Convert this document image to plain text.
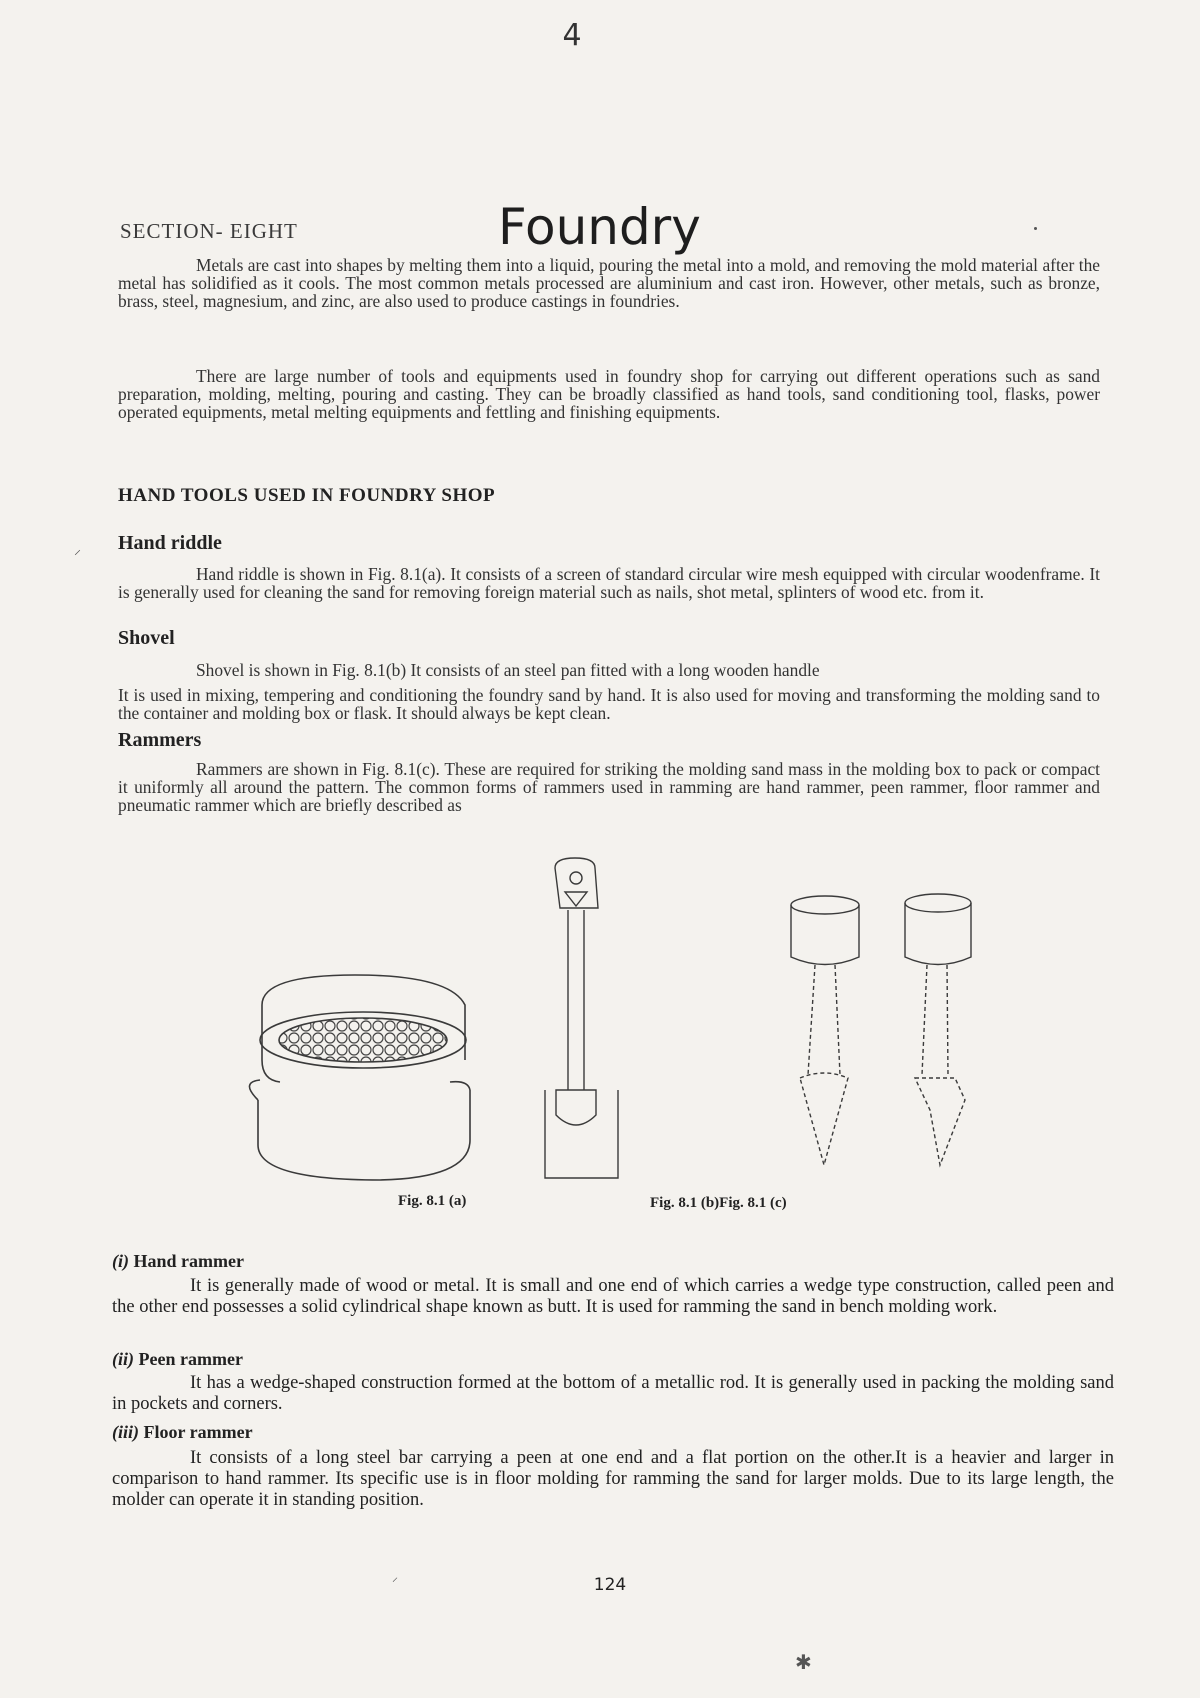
4
SECTION- EIGHT	Foundry

Metals are cast into shapes by melting them into a liquid, pouring the metal into a mold, and removing the mold material after the metal has solidified as it cools. The most common metals processed are aluminium and cast iron. However, other metals, such as bronze, brass, steel, magnesium, and zinc, are also used to produce castings in foundries.

There are large number of tools and equipments used in foundry shop for carrying out different operations such as sand preparation, molding, melting, pouring and casting. They can be broadly classified as hand tools, sand conditioning tool, flasks, power operated equipments, metal melting equipments and fettling and finishing equipments.

HAND TOOLS USED IN FOUNDRY SHOP
⸝ Hand riddle

Hand riddle is shown in Fig. 8.1(a). It consists of a screen of standard circular wire mesh equipped with circular woodenframe. It is generally used for cleaning the sand for removing foreign material such as nails, shot metal, splinters of wood etc. from it.

Shovel

Shovel is shown in Fig. 8.1(b) It consists of an steel pan fitted with a long wooden handle

It is used in mixing, tempering and conditioning the foundry sand by hand. It is also used for moving and transforming the molding sand to the container and molding box or flask. It should always be kept clean.

Rammers

Rammers are shown in Fig. 8.1(c). These are required for striking the molding sand mass in the molding box to pack or compact it uniformly all around the pattern. The common forms of rammers used in ramming are hand rammer, peen rammer, floor rammer and pneumatic rammer which are briefly described as

Fig. 8.1 (a)	Fig. 8.1 (b)Fig. 8.1 (c)
(i) Hand rammer

It is generally made of wood or metal. It is small and one end of which carries a wedge type construction, called peen and the other end possesses a solid cylindrical shape known as butt. It is used for ramming the sand in bench molding work.

(ii) Peen rammer

It has a wedge-shaped construction formed at the bottom of a metallic rod. It is generally used in packing the molding sand in pockets and corners.

(iii) Floor rammer

It consists of a long steel bar carrying a peen at one end and a flat portion on the other.It is a heavier and larger in comparison to hand rammer. Its specific use is in floor molding for ramming the sand for larger molds. Due to its large length, the molder can operate it in standing position.

124
⸝
✱
